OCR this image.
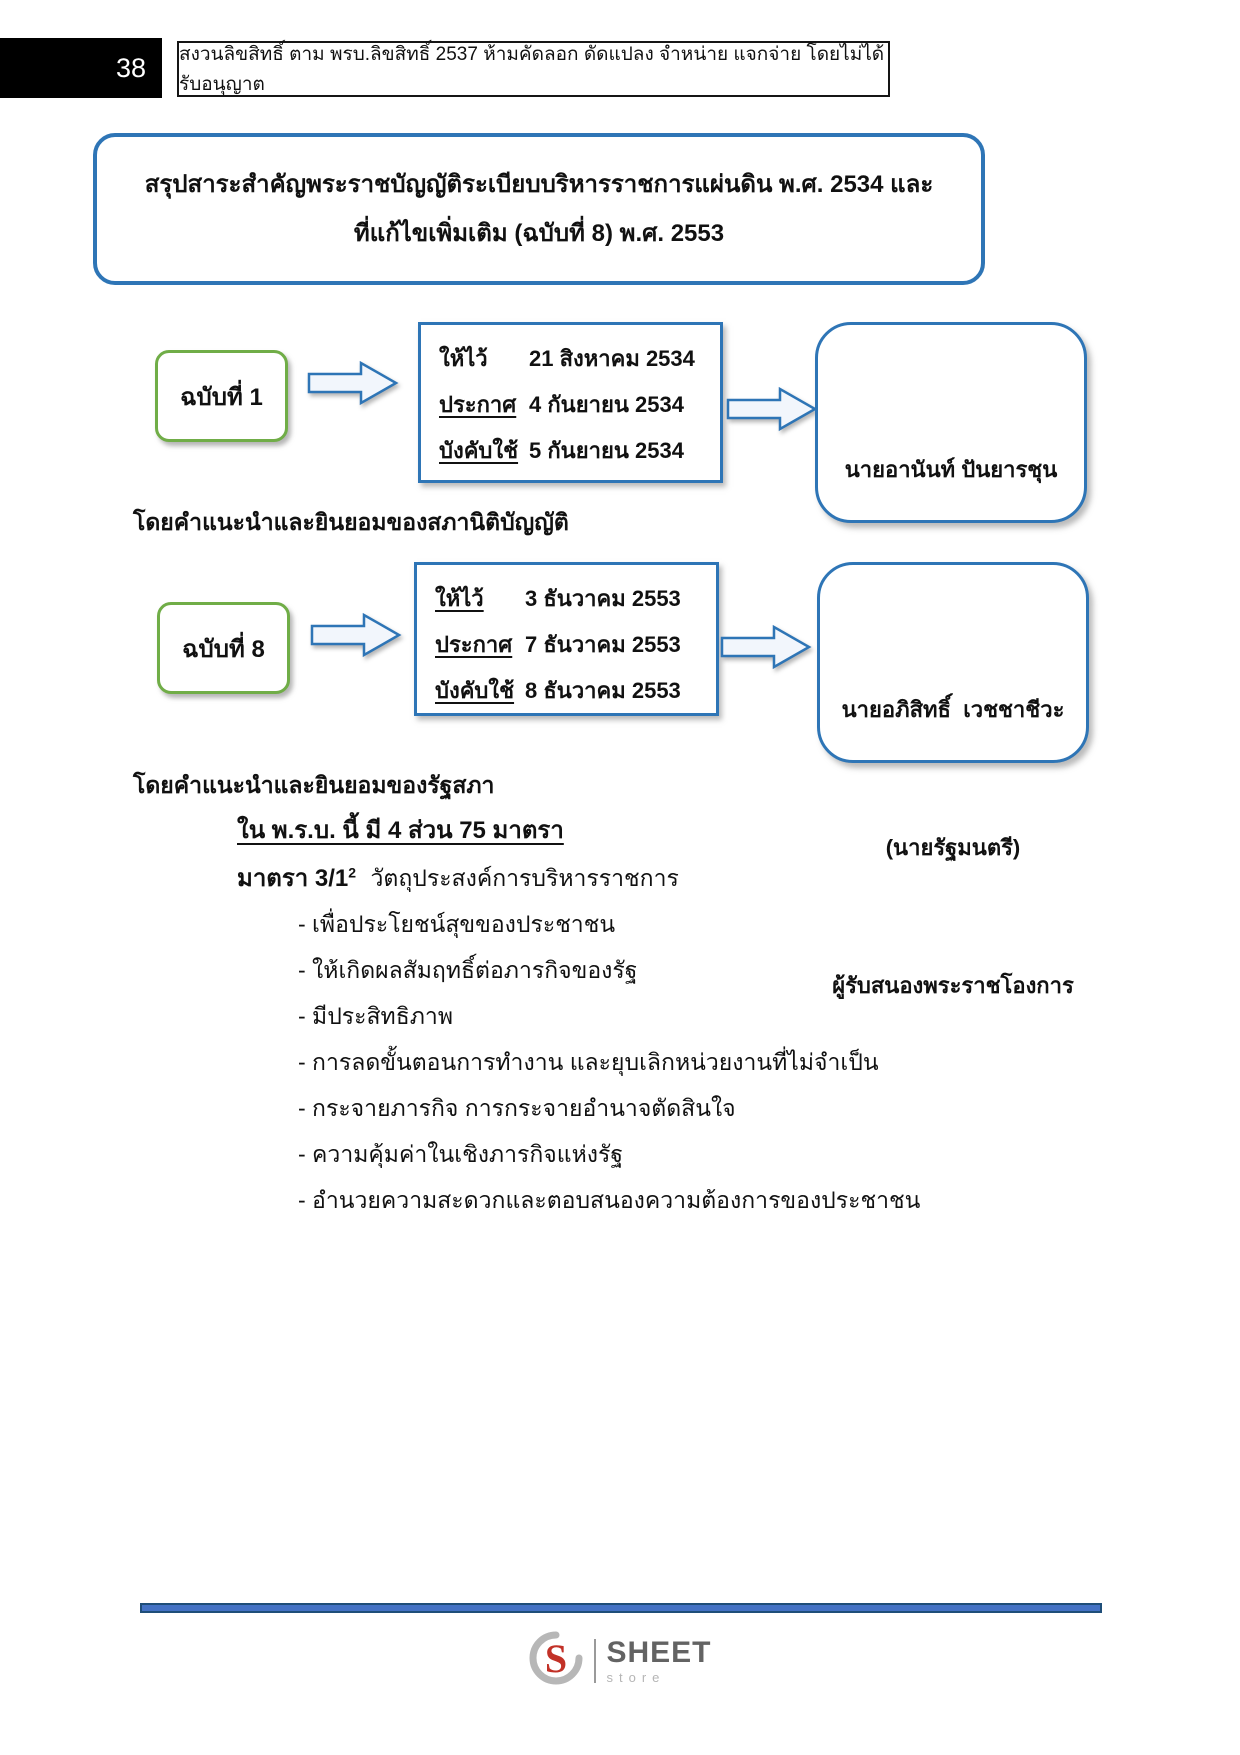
38 สงวนลิขสิทธิ์ ตาม พรบ.ลิขสิทธิ์ 2537 ห้ามคัดลอก ดัดแปลง จำหน่าย แจกจ่าย โดยไม่ได้รับอนุญาต
สรุปสาระสำคัญพระราชบัญญัติระเบียบบริหารราชการแผ่นดิน พ.ศ. 2534 และที่แก้ไขเพิ่มเติม (ฉบับที่ 8) พ.ศ. 2553
ฉบับที่ 1
ให้ไว้	21 สิงหาคม 2534
ประกาศ 4 กันยายน 2534
บังคับใช้ 5 กันยายน 2534

นายอานันท์ ปันยารชุน

โดยคำแนะนำและยินยอมของสภานิติบัญญัติ
ฉบับที่ 8
ให้ไว้	3 ธันวาคม 2553
ประกาศ 7 ธันวาคม 2553
บังคับใช้ 8 ธันวาคม 2553

นายอภิสิทธิ์  เวชชาชีวะ

(นายรัฐมนตรี)

ผู้รับสนองพระราชโองการ

โดยคำแนะนำและยินยอมของรัฐสภา
ใน พ.ร.บ. นี้ มี 4 ส่วน 75 มาตรา
มาตรา $3/1^2$ วัตถุประสงค์การบริหารราชการ
- เพื่อประโยชน์สุขของประชาชน
- ให้เกิดผลสัมฤทธิ์ต่อภารกิจของรัฐ
- มีประสิทธิภาพ
- การลดขั้นตอนการทำงาน และยุบเลิกหน่วยงานที่ไม่จำเป็น
- กระจายภารกิจ การกระจายอำนาจตัดสินใจ
- ความคุ้มค่าในเชิงภารกิจแห่งรัฐ
- อำนวยความสะดวกและตอบสนองความต้องการของประชาชน
S SHEET
store
